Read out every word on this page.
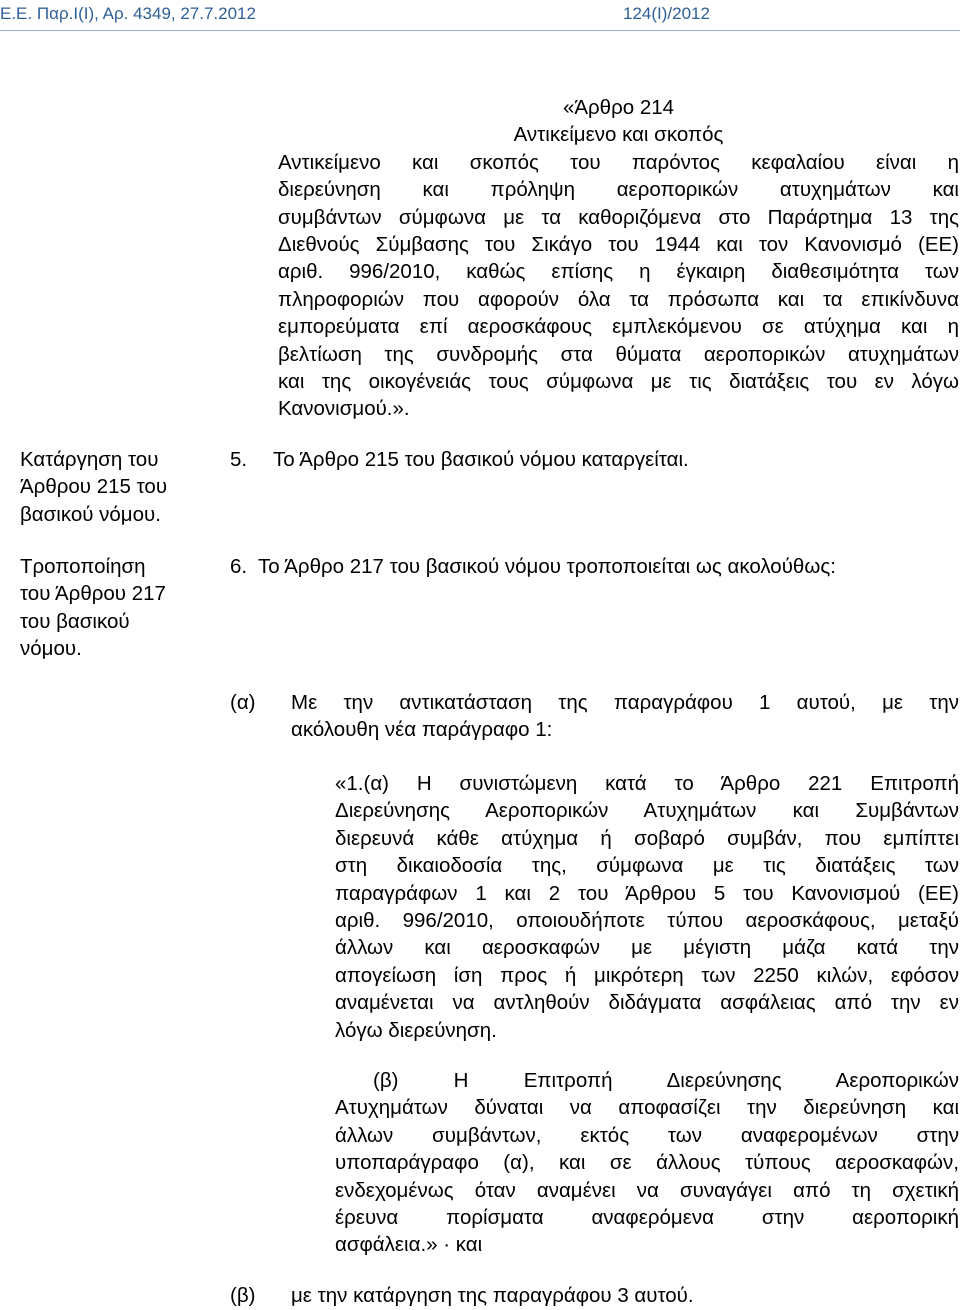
Ε.Ε. Παρ.Ι(Ι), Αρ. 4349, 27.7.2012	124(Ι)/2012
«Άρθρο 214
Αντικείμενο και σκοπός
Αντικείμενο και σκοπός του παρόντος κεφαλαίου είναι η
διερεύνηση και πρόληψη αεροπορικών ατυχημάτων και
συμβάντων σύμφωνα με τα καθοριζόμενα στο Παράρτημα 13 της
Διεθνούς Σύμβασης του Σικάγο του 1944 και τον Κανονισμό (ΕΕ)
αριθ. 996/2010, καθώς επίσης η έγκαιρη διαθεσιμότητα των
πληροφοριών που αφορούν όλα τα πρόσωπα και τα επικίνδυνα
εμπορεύματα επί αεροσκάφους εμπλεκόμενου σε ατύχημα και η
βελτίωση της συνδρομής στα θύματα αεροπορικών ατυχημάτων
και της οικογένειάς τους σύμφωνα με τις διατάξεις του εν λόγω
Κανονισμού.».
Κατάργηση του
Άρθρου 215 του
βασικού νόμου.
5. Το Άρθρο 215 του βασικού νόμου καταργείται.
Τροποποίηση
του Άρθρου 217
του βασικού
νόμου.
6. Το Άρθρο 217 του βασικού νόμου τροποποιείται ως ακολούθως:
(α) Με την αντικατάσταση της παραγράφου 1 αυτού, με την
ακόλουθη νέα παράγραφο 1:
«1.(α) Η συνιστώμενη κατά το Άρθρο 221 Επιτροπή
Διερεύνησης Αεροπορικών Ατυχημάτων και Συμβάντων
διερευνά κάθε ατύχημα ή σοβαρό συμβάν, που εμπίπτει
στη δικαιοδοσία της, σύμφωνα με τις διατάξεις των
παραγράφων 1 και 2 του Άρθρου 5 του Κανονισμού (ΕΕ)
αριθ. 996/2010, οποιουδήποτε τύπου αεροσκάφους, μεταξύ
άλλων και αεροσκαφών με μέγιστη μάζα κατά την
απογείωση ίση προς ή μικρότερη των 2250 κιλών, εφόσον
αναμένεται να αντληθούν διδάγματα ασφάλειας από την εν
λόγω διερεύνηση.
(β) Η Επιτροπή Διερεύνησης Αεροπορικών
Ατυχημάτων δύναται να αποφασίζει την διερεύνηση και
άλλων συμβάντων, εκτός των αναφερομένων στην
υποπαράγραφο (α), και σε άλλους τύπους αεροσκαφών,
ενδεχομένως όταν αναμένει να συναγάγει από τη σχετική
έρευνα πορίσματα αναφερόμενα στην αεροπορική
ασφάλεια.» · και
(β) με την κατάργηση της παραγράφου 3 αυτού.
